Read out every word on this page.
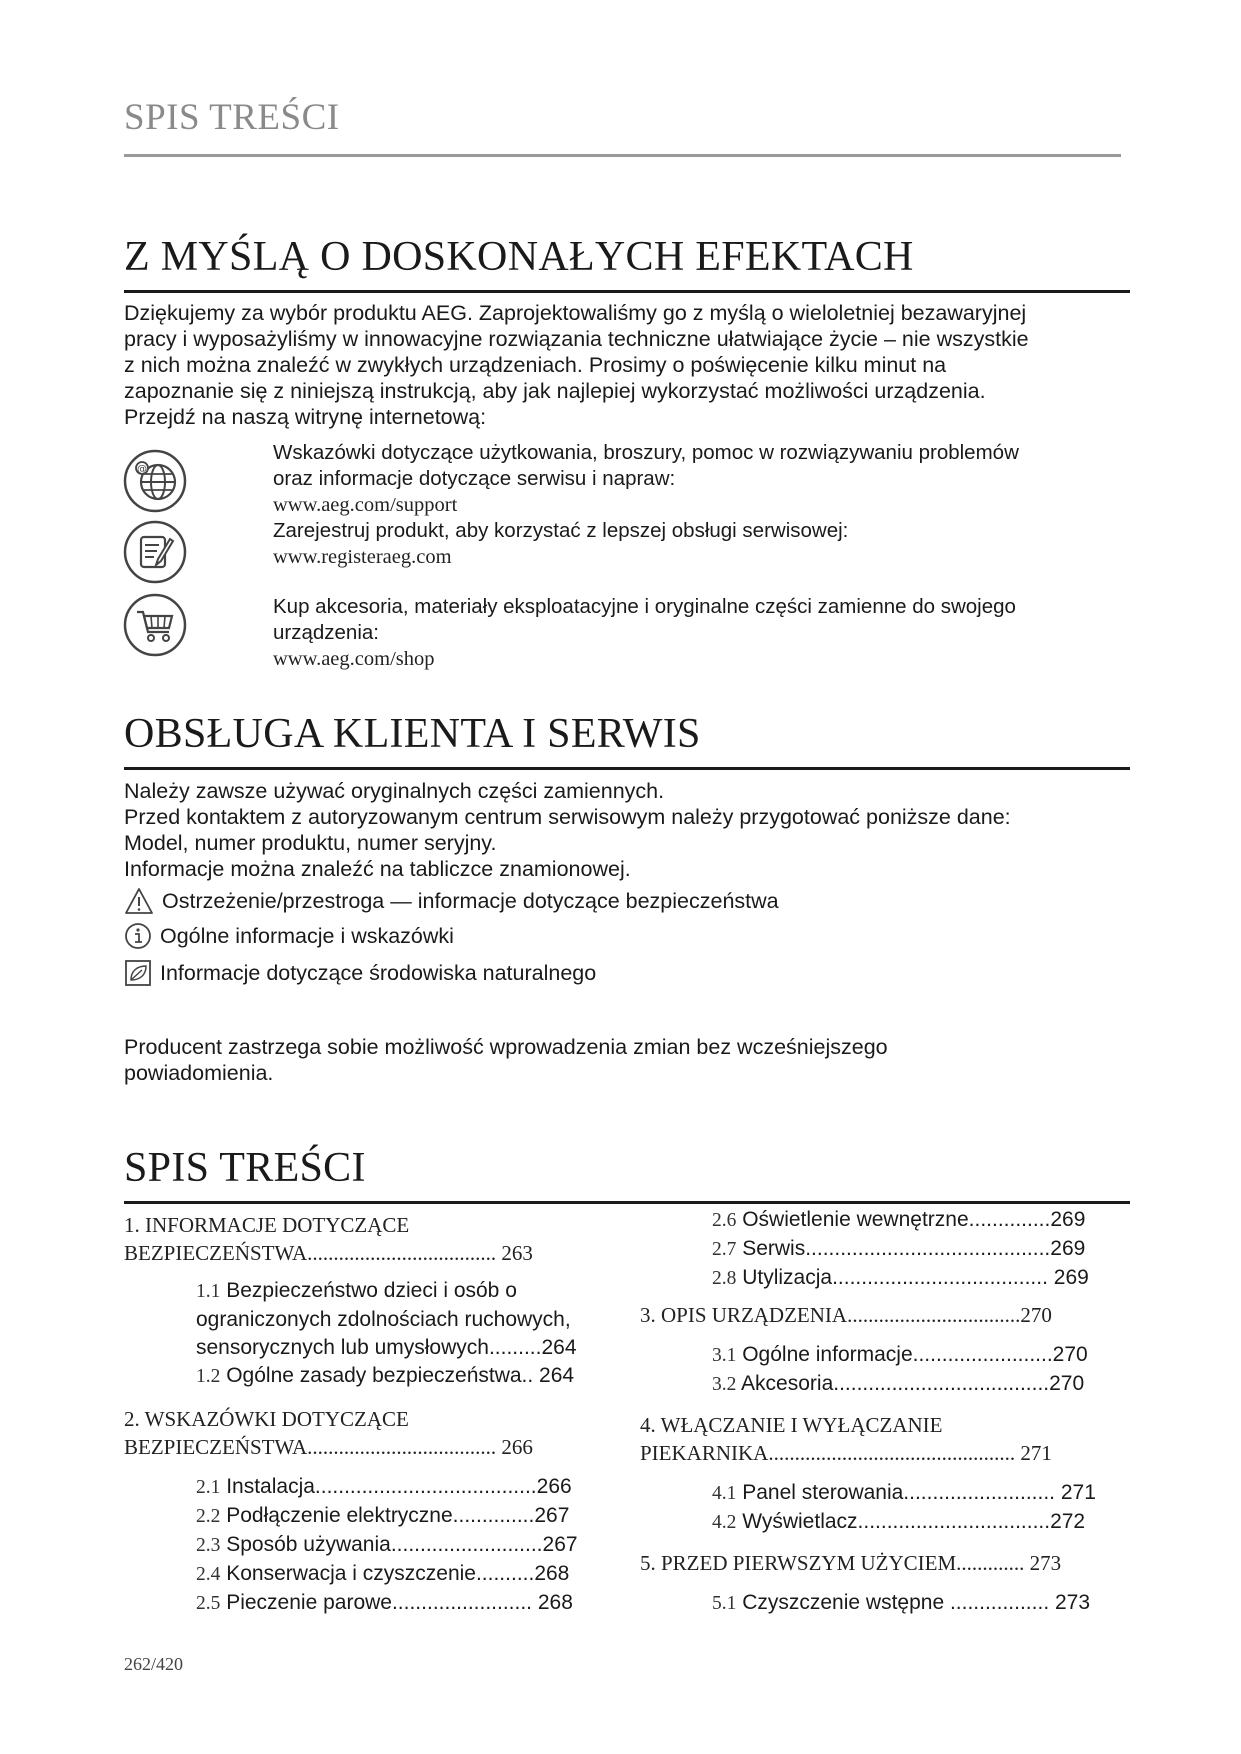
SPIS TREŚCI
Z MYŚLĄ O DOSKONAŁYCH EFEKTACH

Dziękujemy za wybór produktu AEG. Zaprojektowaliśmy go z myślą o wieloletniej bezawaryjnej

pracy i wyposażyliśmy w innowacyjne rozwiązania techniczne ułatwiające życie – nie wszystkie

z nich można znaleźć w zwykłych urządzeniach. Prosimy o poświęcenie kilku minut na

zapoznanie się z niniejszą instrukcją, aby jak najlepiej wykorzystać możliwości urządzenia.

Przejdź na naszą witrynę internetową:

@
Wskazówki dotyczące użytkowania, broszury, pomoc w rozwiązywaniu problemów
oraz informacje dotyczące serwisu i napraw:
www.aeg.com/support
Zarejestruj produkt, aby korzystać z lepszej obsługi serwisowej:
www.registeraeg.com
Kup akcesoria, materiały eksploatacyjne i oryginalne części zamienne do swojego
urządzenia:
www.aeg.com/shop
OBSŁUGA KLIENTA I SERWIS

Należy zawsze używać oryginalnych części zamiennych.

Przed kontaktem z autoryzowanym centrum serwisowym należy przygotować poniższe dane:

Model, numer produktu, numer seryjny.

Informacje można znaleźć na tabliczce znamionowej.

Ostrzeżenie/przestroga — informacje dotyczące bezpieczeństwa
Ogólne informacje i wskazówki
Informacje dotyczące środowiska naturalnego

Producent zastrzega sobie możliwość wprowadzenia zmian bez wcześniejszego

powiadomienia.

SPIS TREŚCI
1. INFORMACJE DOTYCZĄCE
BEZPIECZEŃSTWA.................................... 263
1.1 Bezpieczeństwo dzieci i osób o
ograniczonych zdolnościach ruchowych,
sensorycznych lub umysłowych.........264
1.2 Ogólne zasady bezpieczeństwa.. 264
2. WSKAZÓWKI DOTYCZĄCE
BEZPIECZEŃSTWA.................................... 266
2.1 Instalacja......................................266
2.2 Podłączenie elektryczne..............267
2.3 Sposób używania..........................267
2.4 Konserwacja i czyszczenie..........268
2.5 Pieczenie parowe........................ 268
2.6 Oświetlenie wewnętrzne..............269
2.7 Serwis..........................................269
2.8 Utylizacja..................................... 269
3. OPIS URZĄDZENIA.................................270
3.1 Ogólne informacje........................270
3.2 Akcesoria.....................................270
4. WŁĄCZANIE I WYŁĄCZANIE
PIEKARNIKA............................................... 271
4.1 Panel sterowania.......................... 271
4.2 Wyświetlacz.................................272
5. PRZED PIERWSZYM UŻYCIEM............. 273
5.1 Czyszczenie wstępne ................. 273
262/420
